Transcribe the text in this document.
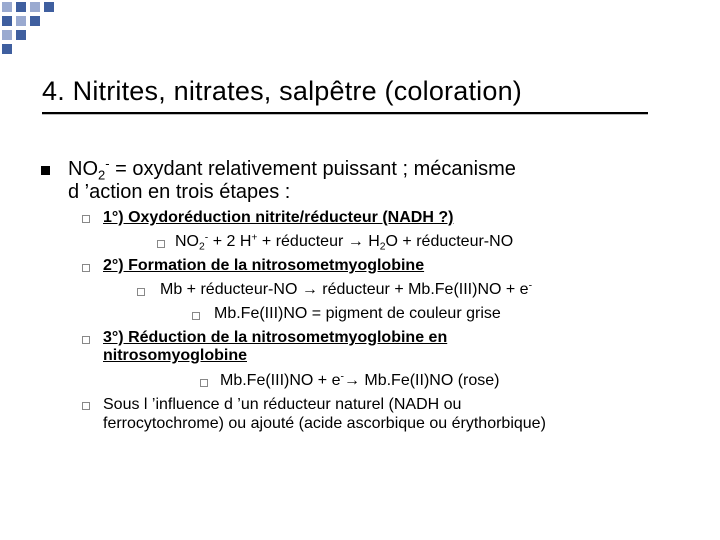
4. Nitrites, nitrates, salpêtre (coloration)
$NO_2^-$ = oxydant relativement puissant ; mécanisme
d ’action en trois étapes :
1°) Oxydoréduction nitrite/réducteur (NADH ?)
$NO_2^- + 2$ H+ + réducteur → $H_2O$ + réducteur-NO
2°) Formation de la nitrosometmyoglobine
Mb + réducteur-NO → réducteur + Mb.Fe(III)NO + e-
Mb.Fe(III)NO = pigment de couleur grise
3°) Réduction de la nitrosometmyoglobine en
nitrosomyoglobine
Mb.Fe(III)NO + e-→ Mb.Fe(II)NO (rose)
Sous l ’influence d ’un réducteur naturel (NADH ou
ferrocytochrome) ou ajouté (acide ascorbique ou érythorbique)
